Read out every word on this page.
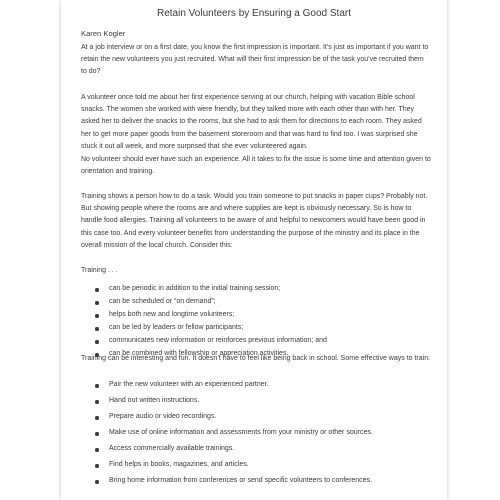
Retain Volunteers by Ensuring a Good Start
Karen Kogler

At a job interview or on a first date, you know the first impression is important. It’s just as important if you want to retain the new volunteers you just recruited. What will their first impression be of the task you’ve recruited them to do?

A volunteer once told me about her first experience serving at our church, helping with vacation Bible school snacks. The women she worked with were friendly, but they talked more with each other than with her. They asked her to deliver the snacks to the rooms, but she had to ask them for directions to each room. They asked her to get more paper goods from the basement storeroom and that was hard to find too. I was surprised she stuck it out all week, and more surprised that she ever volunteered again.

No volunteer should ever have such an experience. All it takes to fix the issue is some time and attention given to orientation and training.

Training shows a person how to do a task. Would you train someone to put snacks in paper cups? Probably not. But showing people where the rooms are and where supplies are kept is obviously necessary. So is how to handle food allergies. Training all volunteers to be aware of and helpful to newcomers would have been good in this case too. And every volunteer benefits from understanding the purpose of the ministry and its place in the overall mission of the local church. Consider this:

Training . . .

can be periodic in addition to the initial training session;
can be scheduled or “on demand”;
helps both new and longtime volunteers;
can be led by leaders or fellow participants;
communicates new information or reinforces previous information; and
can be combined with fellowship or appreciation activities.

Training can be interesting and fun. It doesn’t have to feel like being back in school. Some effective ways to train:

Pair the new volunteer with an experienced partner.
Hand out written instructions.
Prepare audio or video recordings.
Make use of online information and assessments from your ministry or other sources.
Access commercially available trainings.
Find helps in books, magazines, and articles.
Bring home information from conferences or send specific volunteers to conferences.
